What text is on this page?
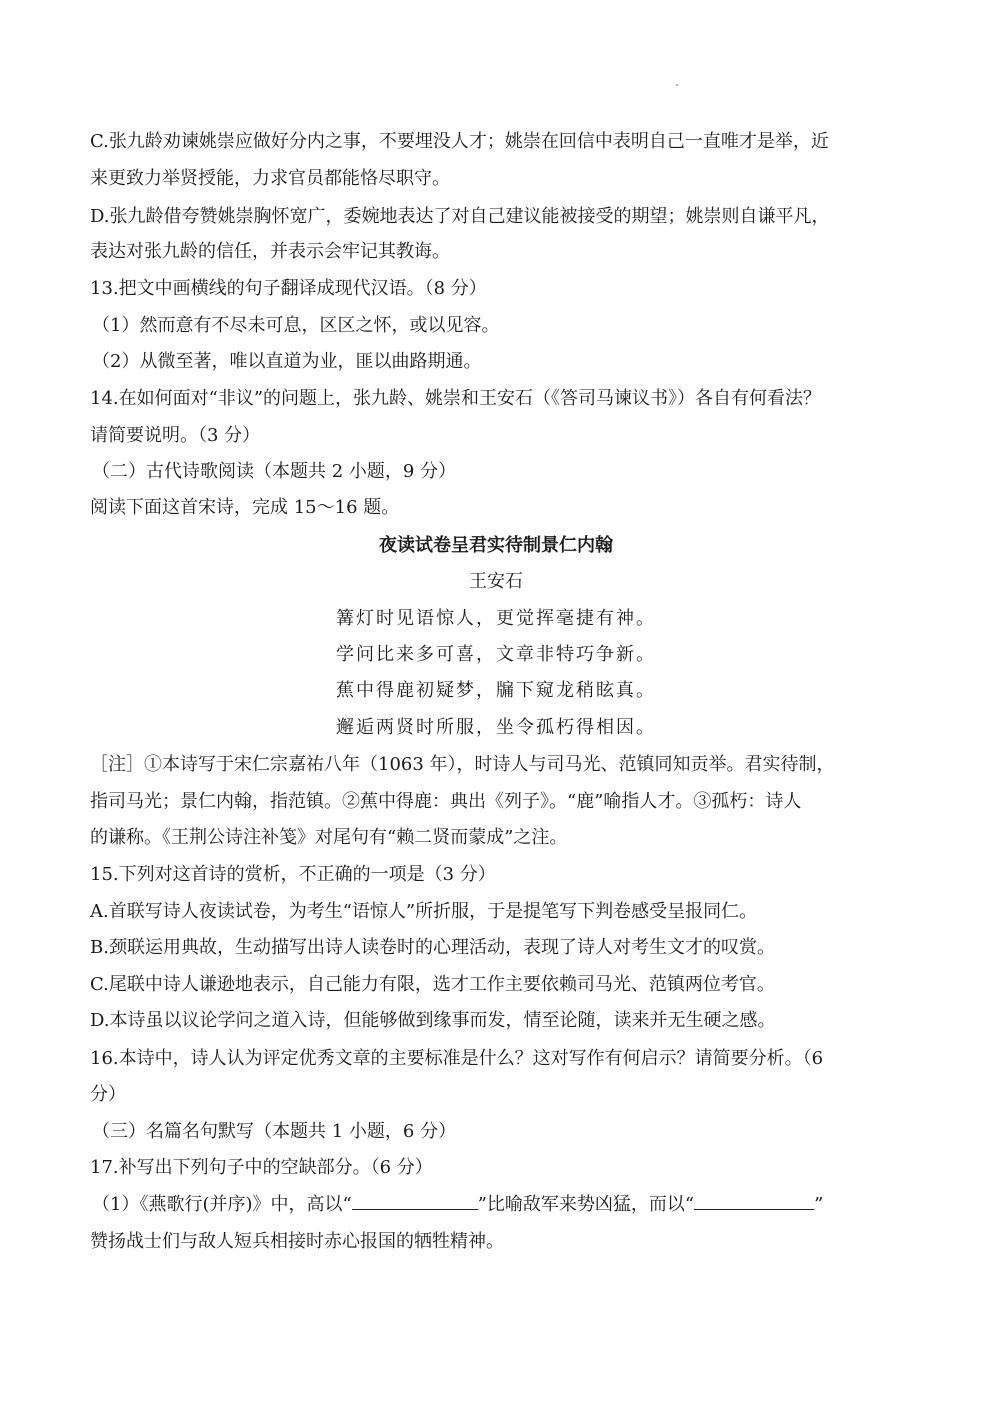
C.张九龄劝谏姚崇应做好分内之事，不要埋没人才；姚崇在回信中表明自己一直唯才是举，近
来更致力举贤授能，力求官员都能恪尽职守。
D.张九龄借夸赞姚崇胸怀宽广，委婉地表达了对自己建议能被接受的期望；姚崇则自谦平凡，
表达对张九龄的信任，并表示会牢记其教诲。
13.把文中画横线的句子翻译成现代汉语。（8 分）
（1）然而意有不尽未可息，区区之怀，或以见容。
（2）从微至著，唯以直道为业，匪以曲路期通。
14.在如何面对“非议”的问题上，张九龄、姚崇和王安石（《答司马谏议书》）各自有何看法？
请简要说明。（3 分）
（二）古代诗歌阅读（本题共 2 小题，9 分）
阅读下面这首宋诗，完成 15～16 题。
夜读试卷呈君实待制景仁内翰
王安石
篝灯时见语惊人，更觉挥毫捷有神。
学问比来多可喜，文章非特巧争新。
蕉中得鹿初疑梦，牖下窥龙稍眩真。
邂逅两贤时所服，坐令孤朽得相因。
［注］①本诗写于宋仁宗嘉祐八年（1063 年），时诗人与司马光、范镇同知贡举。君实待制，
指司马光；景仁内翰，指范镇。②蕉中得鹿：典出《列子》。“鹿”喻指人才。③孤朽：诗人
的谦称。《王荆公诗注补笺》对尾句有“赖二贤而蒙成”之注。
15.下列对这首诗的赏析，不正确的一项是（3 分）
A.首联写诗人夜读试卷，为考生“语惊人”所折服，于是提笔写下判卷感受呈报同仁。
B.颈联运用典故，生动描写出诗人读卷时的心理活动，表现了诗人对考生文才的叹赏。
C.尾联中诗人谦逊地表示，自己能力有限，选才工作主要依赖司马光、范镇两位考官。
D.本诗虽以议论学问之道入诗，但能够做到缘事而发，情至论随，读来并无生硬之感。
16.本诗中，诗人认为评定优秀文章的主要标准是什么？这对写作有何启示？请简要分析。（6
分）
（三）名篇名句默写（本题共 1 小题，6 分）
17.补写出下列句子中的空缺部分。（6 分）
（1）《燕歌行(并序)》中，高以“	”比喻敌军来势凶猛，而以“	”
赞扬战士们与敌人短兵相接时赤心报国的牺牲精神。
